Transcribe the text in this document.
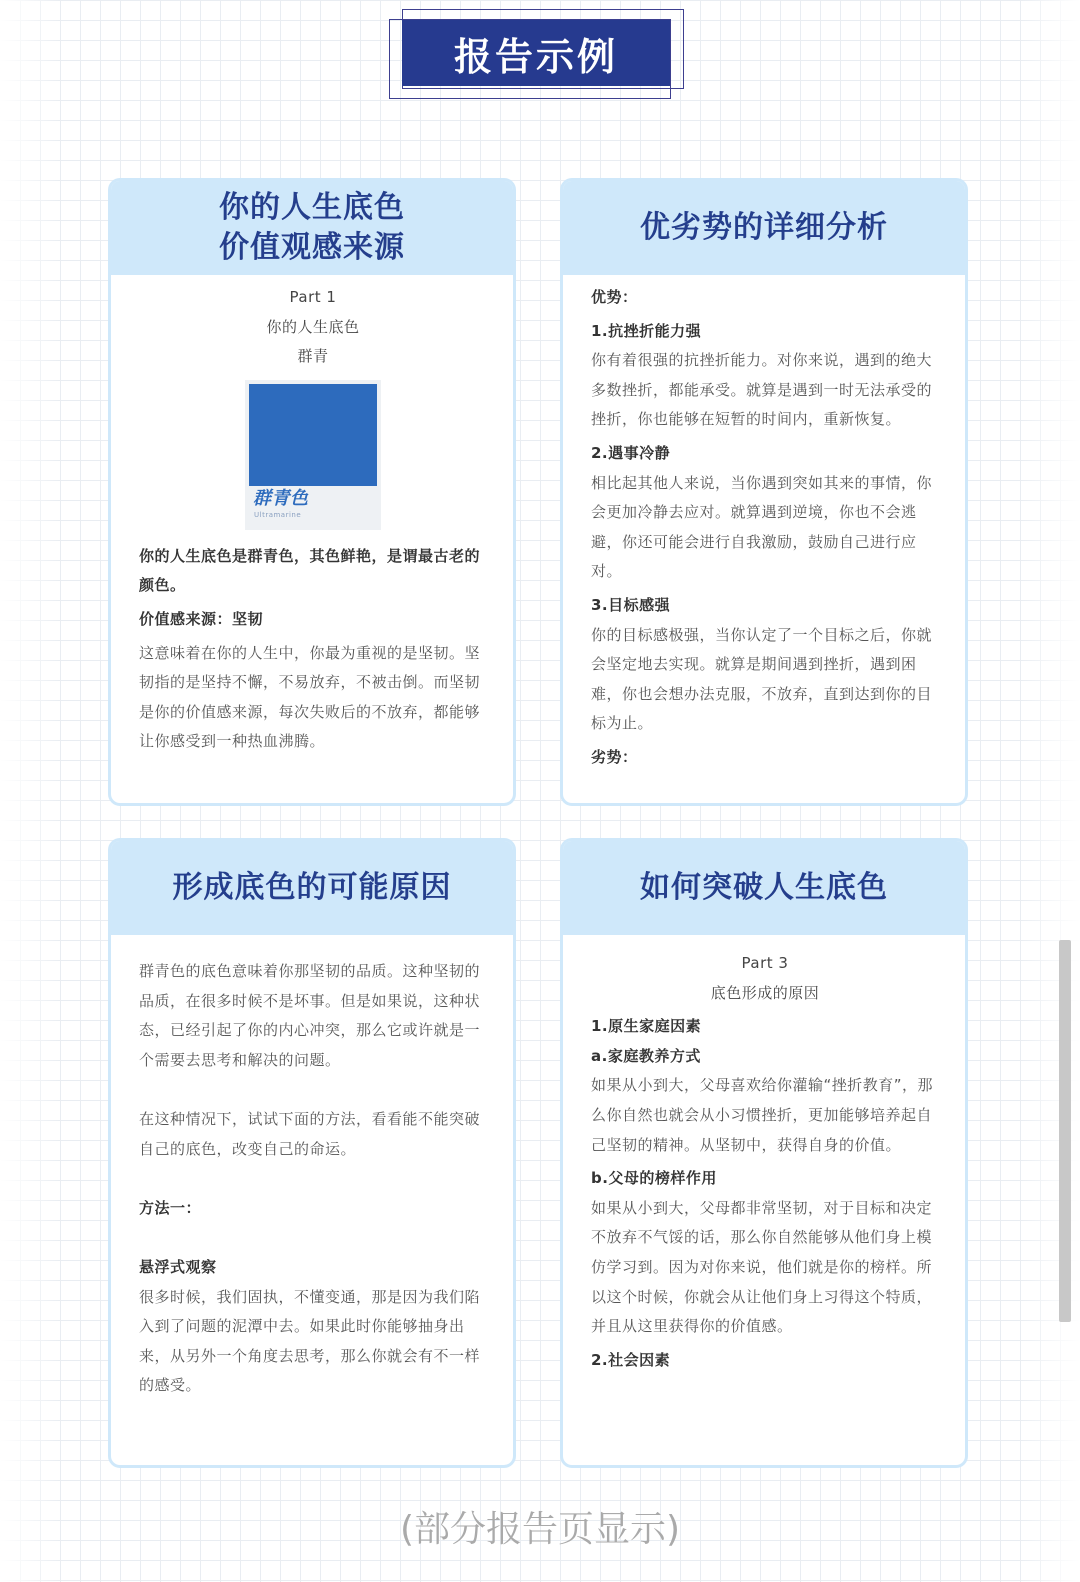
报告示例
你的人生底色
价值观感来源

Part 1

你的人生底色

群青

群青色
Ultramarine

你的人生底色是群青色，其色鲜艳，是谓最古老的颜色。

价值感来源：坚韧

这意味着在你的人生中，你最为重视的是坚韧。坚韧指的是坚持不懈，不易放弃，不被击倒。而坚韧是你的价值感来源，每次失败后的不放弃，都能够让你感受到一种热血沸腾。

优劣势的详细分析

优势：

1.抗挫折能力强

你有着很强的抗挫折能力。对你来说，遇到的绝大多数挫折，都能承受。就算是遇到一时无法承受的挫折，你也能够在短暂的时间内，重新恢复。

2.遇事冷静

相比起其他人来说，当你遇到突如其来的事情，你会更加冷静去应对。就算遇到逆境，你也不会逃避，你还可能会进行自我激励，鼓励自己进行应对。

3.目标感强

你的目标感极强，当你认定了一个目标之后，你就会坚定地去实现。就算是期间遇到挫折，遇到困难，你也会想办法克服，不放弃，直到达到你的目标为止。

劣势：

形成底色的可能原因

群青色的底色意味着你那坚韧的品质。这种坚韧的品质，在很多时候不是坏事。但是如果说，这种状态，已经引起了你的内心冲突，那么它或许就是一个需要去思考和解决的问题。

在这种情况下，试试下面的方法，看看能不能突破自己的底色，改变自己的命运。

方法一：

悬浮式观察

很多时候，我们固执，不懂变通，那是因为我们陷入到了问题的泥潭中去。如果此时你能够抽身出来，从另外一个角度去思考，那么你就会有不一样的感受。

如何突破人生底色

Part 3

底色形成的原因

1.原生家庭因素

a.家庭教养方式

如果从小到大，父母喜欢给你灌输“挫折教育”，那么你自然也就会从小习惯挫折，更加能够培养起自己坚韧的精神。从坚韧中，获得自身的价值。

b.父母的榜样作用

如果从小到大，父母都非常坚韧，对于目标和决定不放弃不气馁的话，那么你自然能够从他们身上模仿学习到。因为对你来说，他们就是你的榜样。所以这个时候，你就会从让他们身上习得这个特质，并且从这里获得你的价值感。

2.社会因素

(部分报告页显示)
